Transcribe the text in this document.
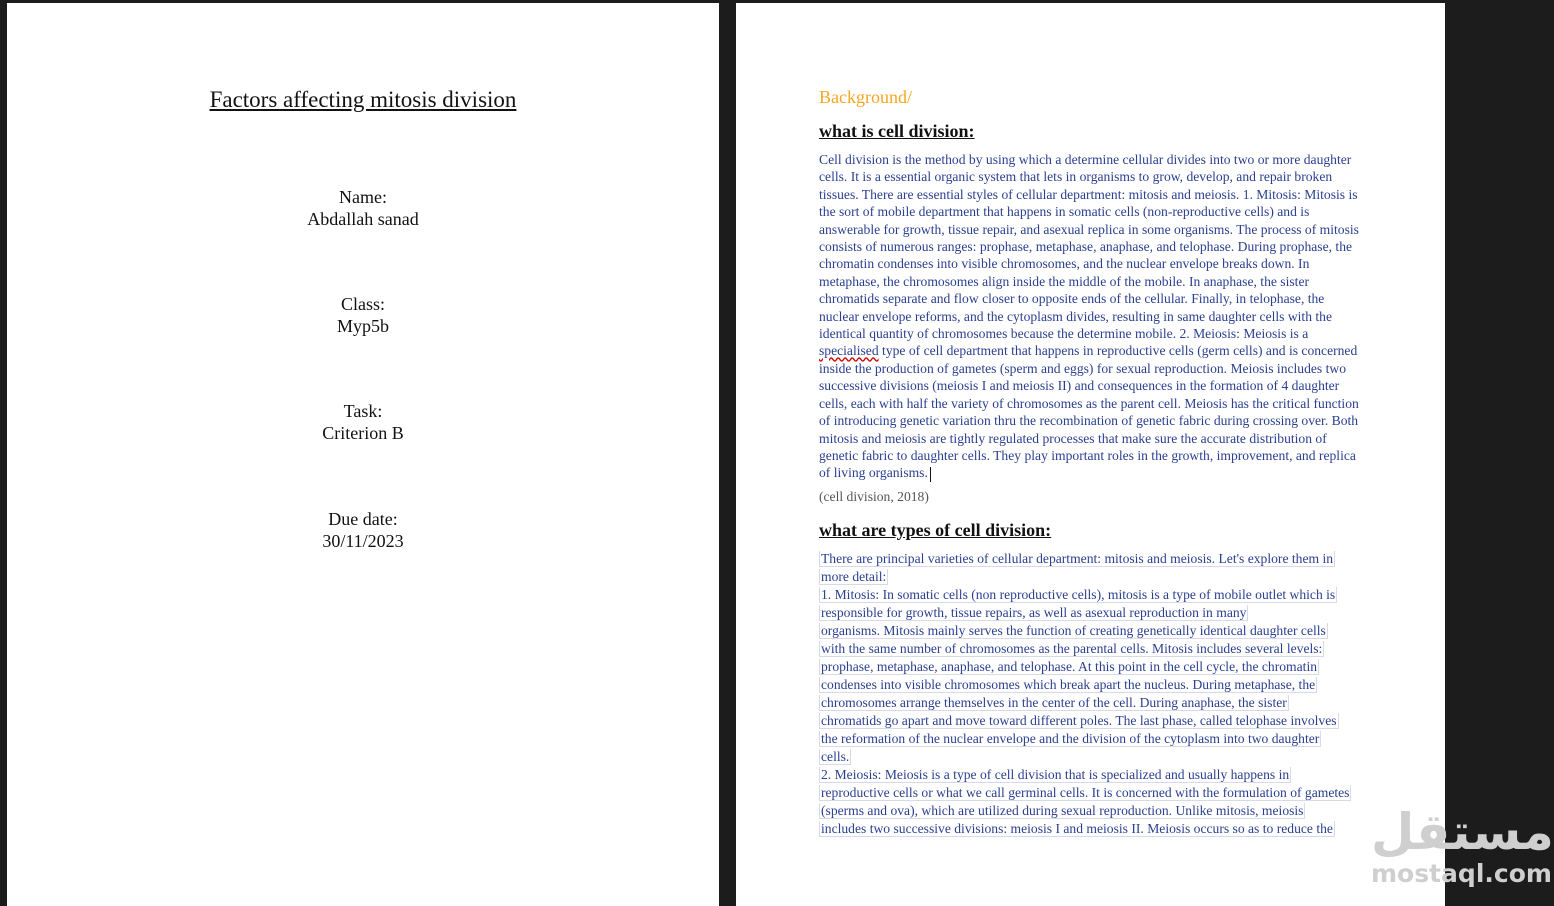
Factors affecting mitosis division
Name:
Abdallah sanad
Class:
Myp5b
Task:
Criterion B
Due date:
30/11/2023
Background/
what is cell division:
Cell division is the method by using which a determine cellular divides into two or more daughter cells. It is a essential organic system that lets in organisms to grow, develop, and repair broken tissues. There are essential styles of cellular department: mitosis and meiosis. 1. Mitosis: Mitosis is the sort of mobile department that happens in somatic cells (non-reproductive cells) and is answerable for growth, tissue repair, and asexual replica in some organisms. The process of mitosis consists of numerous ranges: prophase, metaphase, anaphase, and telophase. During prophase, the chromatin condenses into visible chromosomes, and the nuclear envelope breaks down. In metaphase, the chromosomes align inside the middle of the mobile. In anaphase, the sister chromatids separate and flow closer to opposite ends of the cellular. Finally, in telophase, the nuclear envelope reforms, and the cytoplasm divides, resulting in same daughter cells with the identical quantity of chromosomes because the determine mobile. 2. Meiosis: Meiosis is a specialised type of cell department that happens in reproductive cells (germ cells) and is concerned inside the production of gametes (sperm and eggs) for sexual reproduction. Meiosis includes two successive divisions (meiosis I and meiosis II) and consequences in the formation of 4 daughter cells, each with half the variety of chromosomes as the parent cell. Meiosis has the critical function of introducing genetic variation thru the recombination of genetic fabric during crossing over. Both mitosis and meiosis are tightly regulated processes that make sure the accurate distribution of genetic fabric to daughter cells. They play important roles in the growth, improvement, and replica of living organisms.
(cell division, 2018)
what are types of cell division:
There are principal varieties of cellular department: mitosis and meiosis. Let's explore them in
more detail:
1. Mitosis: In somatic cells (non reproductive cells), mitosis is a type of mobile outlet which is
responsible for growth, tissue repairs, as well as asexual reproduction in many
organisms. Mitosis mainly serves the function of creating genetically identical daughter cells
with the same number of chromosomes as the parental cells. Mitosis includes several levels:
prophase, metaphase, anaphase, and telophase. At this point in the cell cycle, the chromatin
condenses into visible chromosomes which break apart the nucleus. During metaphase, the
chromosomes arrange themselves in the center of the cell. During anaphase, the sister
chromatids go apart and move toward different poles. The last phase, called telophase involves
the reformation of the nuclear envelope and the division of the cytoplasm into two daughter
cells.
2. Meiosis: Meiosis is a type of cell division that is specialized and usually happens in
reproductive cells or what we call germinal cells. It is concerned with the formulation of gametes
(sperms and ova), which are utilized during sexual reproduction. Unlike mitosis, meiosis
includes two successive divisions: meiosis I and meiosis II. Meiosis occurs so as to reduce the مستقل
mostaql.com
